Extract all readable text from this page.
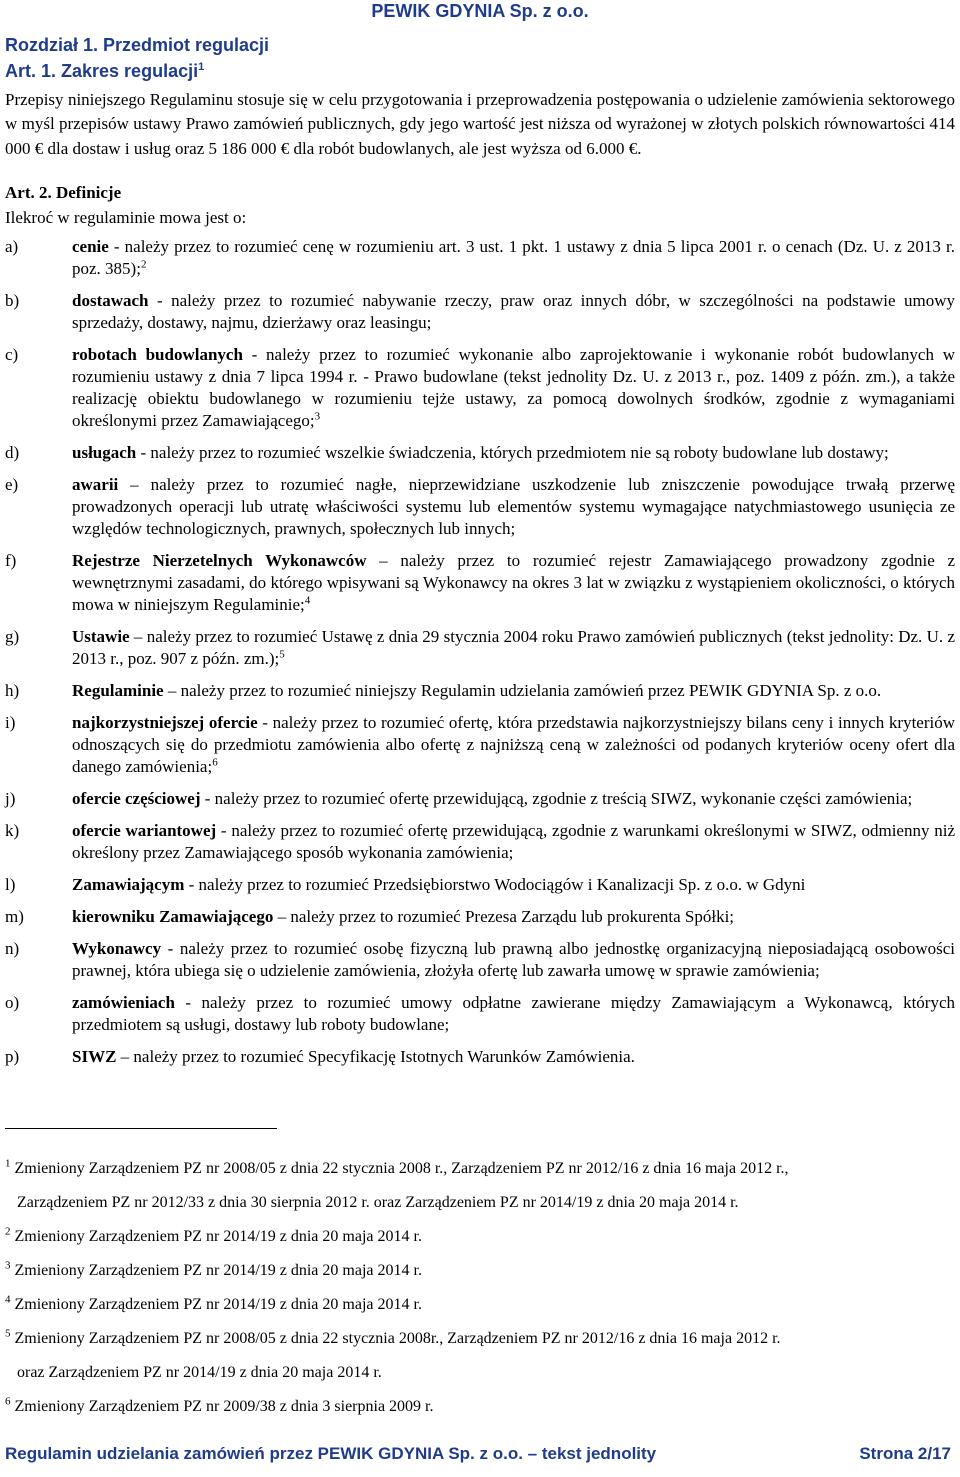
PEWIK GDYNIA Sp. z o.o.
Rozdział 1. Przedmiot regulacji
Art. 1. Zakres regulacji$^1$
Przepisy niniejszego Regulaminu stosuje się w celu przygotowania i przeprowadzenia postępowania o udzielenie zamówienia sektorowego w myśl przepisów ustawy Prawo zamówień publicznych, gdy jego wartość jest niższa od wyrażonej w złotych polskich równowartości 414 000 € dla dostaw i usług oraz 5 186 000 € dla robót budowlanych, ale jest wyższa od 6.000 €.
Art. 2. Definicje
Ilekroć w regulaminie mowa jest o:
a)	cenie - należy przez to rozumieć cenę w rozumieniu art. 3 ust. 1 pkt. 1 ustawy z dnia 5 lipca 2001 r. o cenach (Dz. U. z 2013 r. poz. 385);$^2$
b)	dostawach - należy przez to rozumieć nabywanie rzeczy, praw oraz innych dóbr, w szczególności na podstawie umowy sprzedaży, dostawy, najmu, dzierżawy oraz leasingu;
c)	robotach budowlanych - należy przez to rozumieć wykonanie albo zaprojektowanie i wykonanie robót budowlanych w rozumieniu ustawy z dnia 7 lipca 1994 r. - Prawo budowlane (tekst jednolity Dz. U. z 2013 r., poz. 1409 z późn. zm.), a także realizację obiektu budowlanego w rozumieniu tejże ustawy, za pomocą dowolnych środków, zgodnie z wymaganiami określonymi przez Zamawiającego;$^3$
d)	usługach - należy przez to rozumieć wszelkie świadczenia, których przedmiotem nie są roboty budowlane lub dostawy;
e)	awarii – należy przez to rozumieć nagłe, nieprzewidziane uszkodzenie lub zniszczenie powodujące trwałą przerwę prowadzonych operacji lub utratę właściwości systemu lub elementów systemu wymagające natychmiastowego usunięcia ze względów technologicznych, prawnych, społecznych lub innych;
f)	Rejestrze Nierzetelnych Wykonawców – należy przez to rozumieć rejestr Zamawiającego prowadzony zgodnie z wewnętrznymi zasadami, do którego wpisywani są Wykonawcy na okres 3 lat w związku z wystąpieniem okoliczności, o których mowa w niniejszym Regulaminie;$^4$
g)	Ustawie – należy przez to rozumieć Ustawę z dnia 29 stycznia 2004 roku Prawo zamówień publicznych (tekst jednolity: Dz. U. z 2013 r., poz. 907 z późn. zm.);$^5$
h)	Regulaminie – należy przez to rozumieć niniejszy Regulamin udzielania zamówień przez PEWIK GDYNIA Sp. z o.o.
i)	najkorzystniejszej ofercie - należy przez to rozumieć ofertę, która przedstawia najkorzystniejszy bilans ceny i innych kryteriów odnoszących się do przedmiotu zamówienia albo ofertę z najniższą ceną w zależności od podanych kryteriów oceny ofert dla danego zamówienia;$^6$
j)	ofercie częściowej - należy przez to rozumieć ofertę przewidującą, zgodnie z treścią SIWZ, wykonanie części zamówienia;
k)	ofercie wariantowej - należy przez to rozumieć ofertę przewidującą, zgodnie z warunkami określonymi w SIWZ, odmienny niż określony przez Zamawiającego sposób wykonania zamówienia;
l)	Zamawiającym - należy przez to rozumieć Przedsiębiorstwo Wodociągów i Kanalizacji Sp. z o.o. w Gdyni
m)	kierowniku Zamawiającego – należy przez to rozumieć Prezesa Zarządu lub prokurenta Spółki;
n)	Wykonawcy - należy przez to rozumieć osobę fizyczną lub prawną albo jednostkę organizacyjną nieposiadającą osobowości prawnej, która ubiega się o udzielenie zamówienia, złożyła ofertę lub zawarła umowę w sprawie zamówienia;
o)	zamówieniach - należy przez to rozumieć umowy odpłatne zawierane między Zamawiającym a Wykonawcą, których przedmiotem są usługi, dostawy lub roboty budowlane;
p)	SIWZ – należy przez to rozumieć Specyfikację Istotnych Warunków Zamówienia.
$^1$ Zmieniony Zarządzeniem PZ nr 2008/05 z dnia 22 stycznia 2008 r., Zarządzeniem PZ nr 2012/16 z dnia 16 maja 2012 r.,
Zarządzeniem PZ nr 2012/33 z dnia 30 sierpnia 2012 r. oraz Zarządzeniem PZ nr 2014/19 z dnia 20 maja 2014 r.
$^2$ Zmieniony Zarządzeniem PZ nr 2014/19 z dnia 20 maja 2014 r.
$^3$ Zmieniony Zarządzeniem PZ nr 2014/19 z dnia 20 maja 2014 r.
$^4$ Zmieniony Zarządzeniem PZ nr 2014/19 z dnia 20 maja 2014 r.
$^5$ Zmieniony Zarządzeniem PZ nr 2008/05 z dnia 22 stycznia 2008r., Zarządzeniem PZ nr 2012/16 z dnia 16 maja 2012 r.
oraz Zarządzeniem PZ nr 2014/19 z dnia 20 maja 2014 r.
$^6$ Zmieniony Zarządzeniem PZ nr 2009/38 z dnia 3 sierpnia 2009 r.
Regulamin udzielania zamówień przez PEWIK GDYNIA Sp. z o.o. – tekst jednolity	Strona 2/17
